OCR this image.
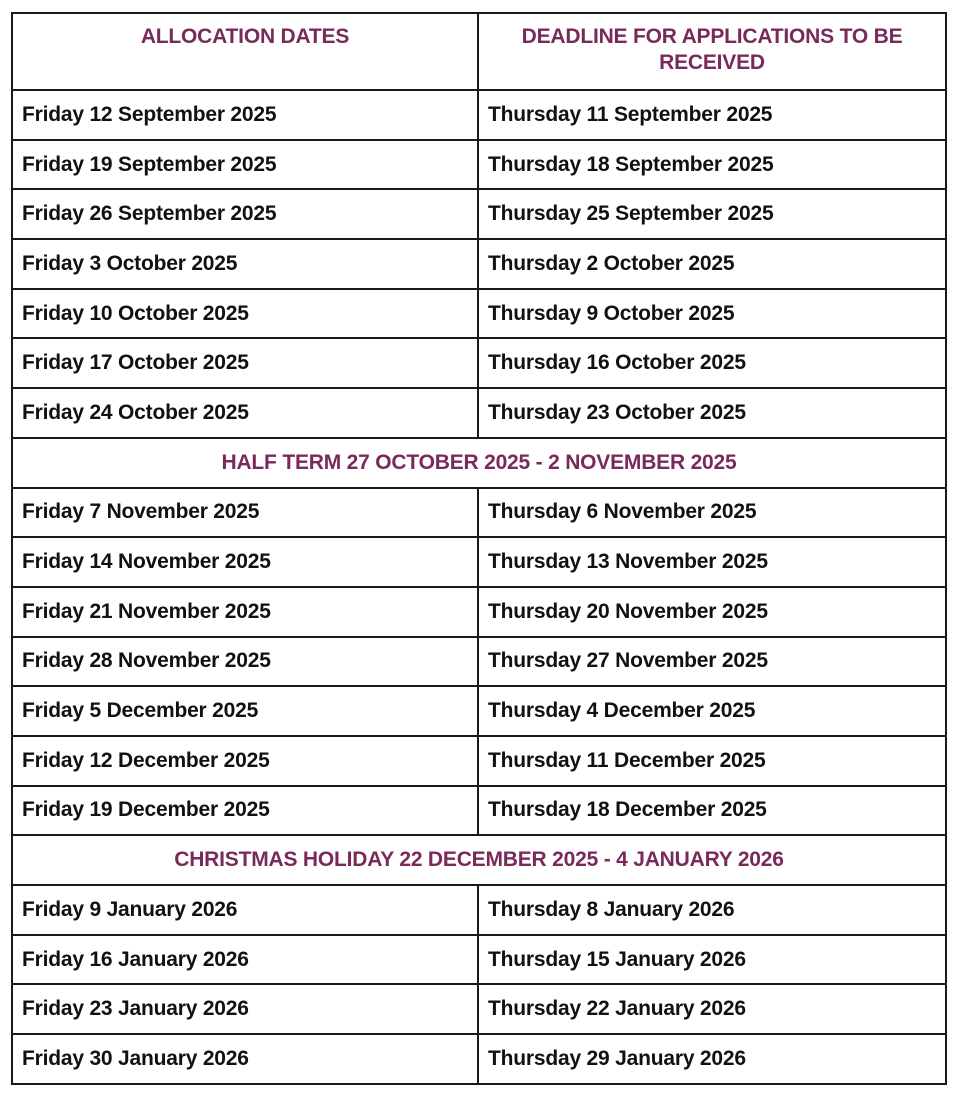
ALLOCATION DATES	DEADLINE FOR APPLICATIONS TO BE RECEIVED
Friday 12 September 2025	Thursday 11 September 2025
Friday 19 September 2025	Thursday 18 September 2025
Friday 26 September 2025	Thursday 25 September 2025
Friday 3 October 2025	Thursday 2 October 2025
Friday 10 October 2025	Thursday 9 October 2025
Friday 17 October 2025	Thursday 16 October 2025
Friday 24 October 2025	Thursday 23 October 2025
HALF TERM 27 OCTOBER 2025 - 2 NOVEMBER 2025	
Friday 7 November 2025	Thursday 6 November 2025
Friday 14 November 2025	Thursday 13 November 2025
Friday 21 November 2025	Thursday 20 November 2025
Friday 28 November 2025	Thursday 27 November 2025
Friday 5 December 2025	Thursday 4 December 2025
Friday 12 December 2025	Thursday 11 December 2025
Friday 19 December 2025	Thursday 18 December 2025
CHRISTMAS HOLIDAY 22 DECEMBER 2025 - 4 JANUARY 2026	
Friday 9 January 2026	Thursday 8 January 2026
Friday 16 January 2026	Thursday 15 January 2026
Friday 23 January 2026	Thursday 22 January 2026
Friday 30 January 2026	Thursday 29 January 2026
